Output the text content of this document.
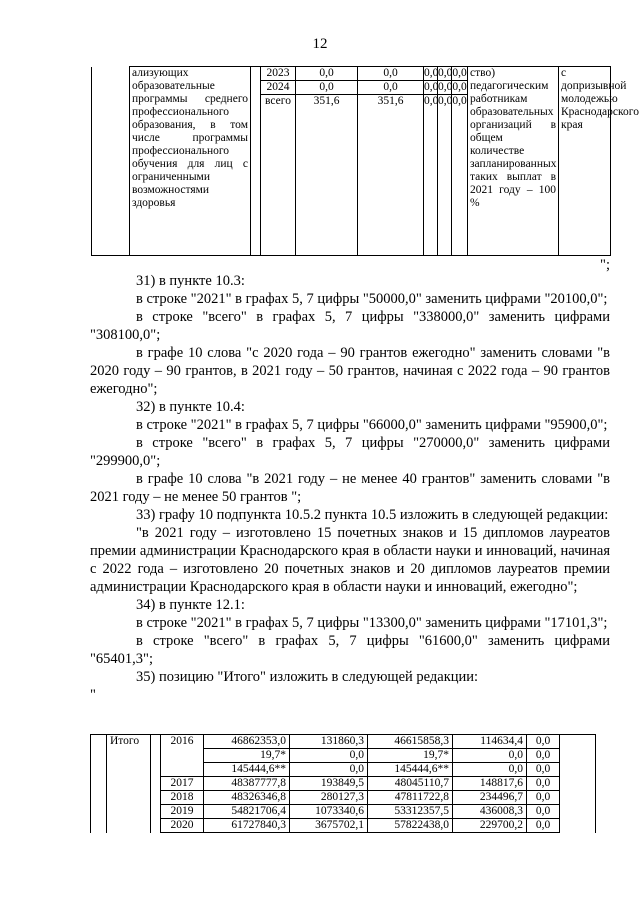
12
	ализующих образовательные программы среднего профессионального образования, в том числе программы профессионального обучения для лиц с ограниченными возможностями здоровья		2023	0,0	0,0	0,0	0,0	0,0	ство) педагогическим работникам образовательных организаций в общем количестве запланированных таких выплат в 2021 году – 100 %	с допризывной молодежью Краснодарского края
			2024	0,0	0,0	0,0	0,0	0,0		
			всего	351,6	351,6	0,0	0,0	0,0		

";

31) в пункте 10.3:

в строке "2021" в графах 5, 7 цифры "50000,0" заменить цифрами "20100,0";

в строке "всего" в графах 5, 7 цифры "338000,0" заменить цифрами "308100,0";

в графе 10 слова "с 2020 года – 90 грантов ежегодно" заменить словами "в 2020 году – 90 грантов, в 2021 году – 50 грантов, начиная с 2022 года – 90 грантов ежегодно";

32) в пункте 10.4:

в строке "2021" в графах 5, 7 цифры "66000,0" заменить цифрами "95900,0";

в строке "всего" в графах 5, 7 цифры "270000,0" заменить цифрами "299900,0";

в графе 10 слова "в 2021 году – не менее 40 грантов" заменить словами "в 2021 году – не менее 50 грантов ";

33) графу 10 подпункта 10.5.2 пункта 10.5 изложить в следующей редакции:

"в 2021 году – изготовлено 15 почетных знаков и 15 дипломов лауреатов премии администрации Краснодарского края в области науки и инноваций, начиная с 2022 года – изготовлено 20 почетных знаков и 20 дипломов лауреатов премии администрации Краснодарского края в области науки и инноваций, ежегодно";

34) в пункте 12.1:

в строке "2021" в графах 5, 7 цифры "13300,0" заменить цифрами "17101,3";

в строке "всего" в графах 5, 7 цифры "61600,0" заменить цифрами "65401,3";

35) позицию "Итого" изложить в следующей редакции:

"

	Итого		2016	46862353,0	131860,3	46615858,3	114634,4	0,0	
				19,7*	0,0	19,7*	0,0	0,0	
				145444,6**	0,0	145444,6**	0,0	0,0	
			2017	48387777,8	193849,5	48045110,7	148817,6	0,0	
			2018	48326346,8	280127,3	47811722,8	234496,7	0,0	
			2019	54821706,4	1073340,6	53312357,5	436008,3	0,0	
			2020	61727840,3	3675702,1	57822438,0	229700,2	0,0	
